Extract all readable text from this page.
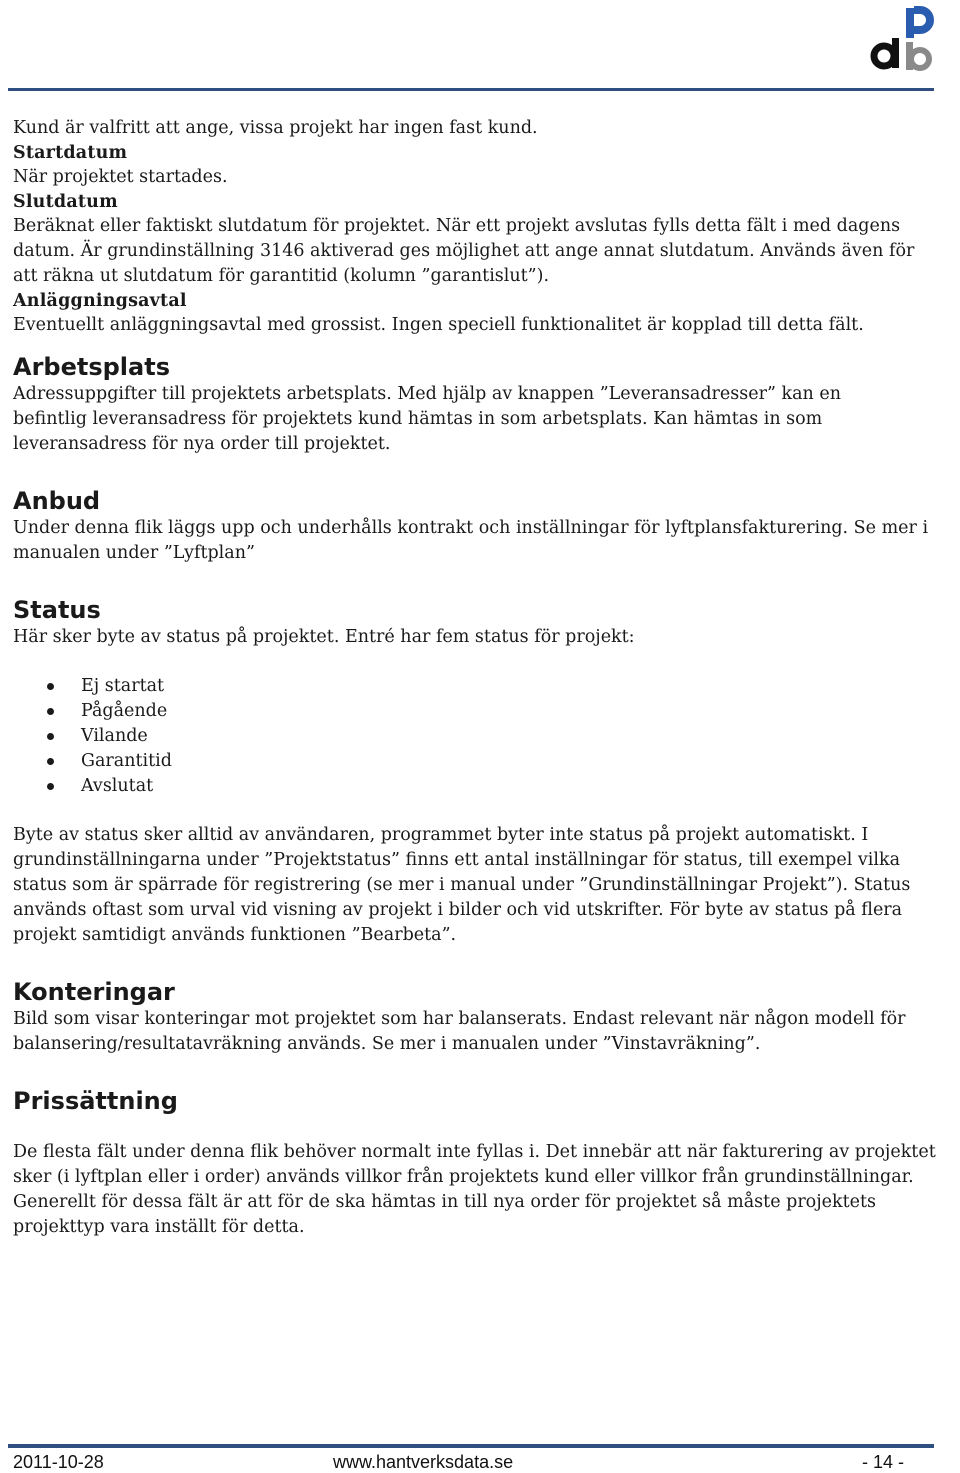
Kund är valfritt att ange, vissa projekt har ingen fast kund.

Startdatum

När projektet startades.

Slutdatum

Beräknat eller faktiskt slutdatum för projektet. När ett projekt avslutas fylls detta fält i med dagens datum. Är grundinställning 3146 aktiverad ges möjlighet att ange annat slutdatum. Används även för att räkna ut slutdatum för garantitid (kolumn ”garantislut”).

Anläggningsavtal

Eventuellt anläggningsavtal med grossist. Ingen speciell funktionalitet är kopplad till detta fält.

Arbetsplats

Adressuppgifter till projektets arbetsplats. Med hjälp av knappen ”Leveransadresser” kan en befintlig leveransadress för projektets kund hämtas in som arbetsplats. Kan hämtas in som leveransadress för nya order till projektet.

Anbud

Under denna flik läggs upp och underhålls kontrakt och inställningar för lyftplansfakturering. Se mer i manualen under ”Lyftplan”

Status

Här sker byte av status på projektet. Entré har fem status för projekt:

Ej startat
Pågående
Vilande
Garantitid
Avslutat

Byte av status sker alltid av användaren, programmet byter inte status på projekt automatiskt. I grundinställningarna under ”Projektstatus” finns ett antal inställningar för status, till exempel vilka status som är spärrade för registrering (se mer i manual under ”Grundinställningar Projekt”). Status används oftast som urval vid visning av projekt i bilder och vid utskrifter. För byte av status på flera projekt samtidigt används funktionen ”Bearbeta”.

Konteringar

Bild som visar konteringar mot projektet som har balanserats. Endast relevant när någon modell för balansering/resultatavräkning används. Se mer i manualen under ”Vinstavräkning”.

Prissättning

De flesta fält under denna flik behöver normalt inte fyllas i. Det innebär att när fakturering av projektet sker (i lyftplan eller i order) används villkor från projektets kund eller villkor från grundinställningar. Generellt för dessa fält är att för de ska hämtas in till nya order för projektet så måste projektets projekttyp vara inställt för detta.

2011-10-28	www.hantverksdata.se	- 14 -
